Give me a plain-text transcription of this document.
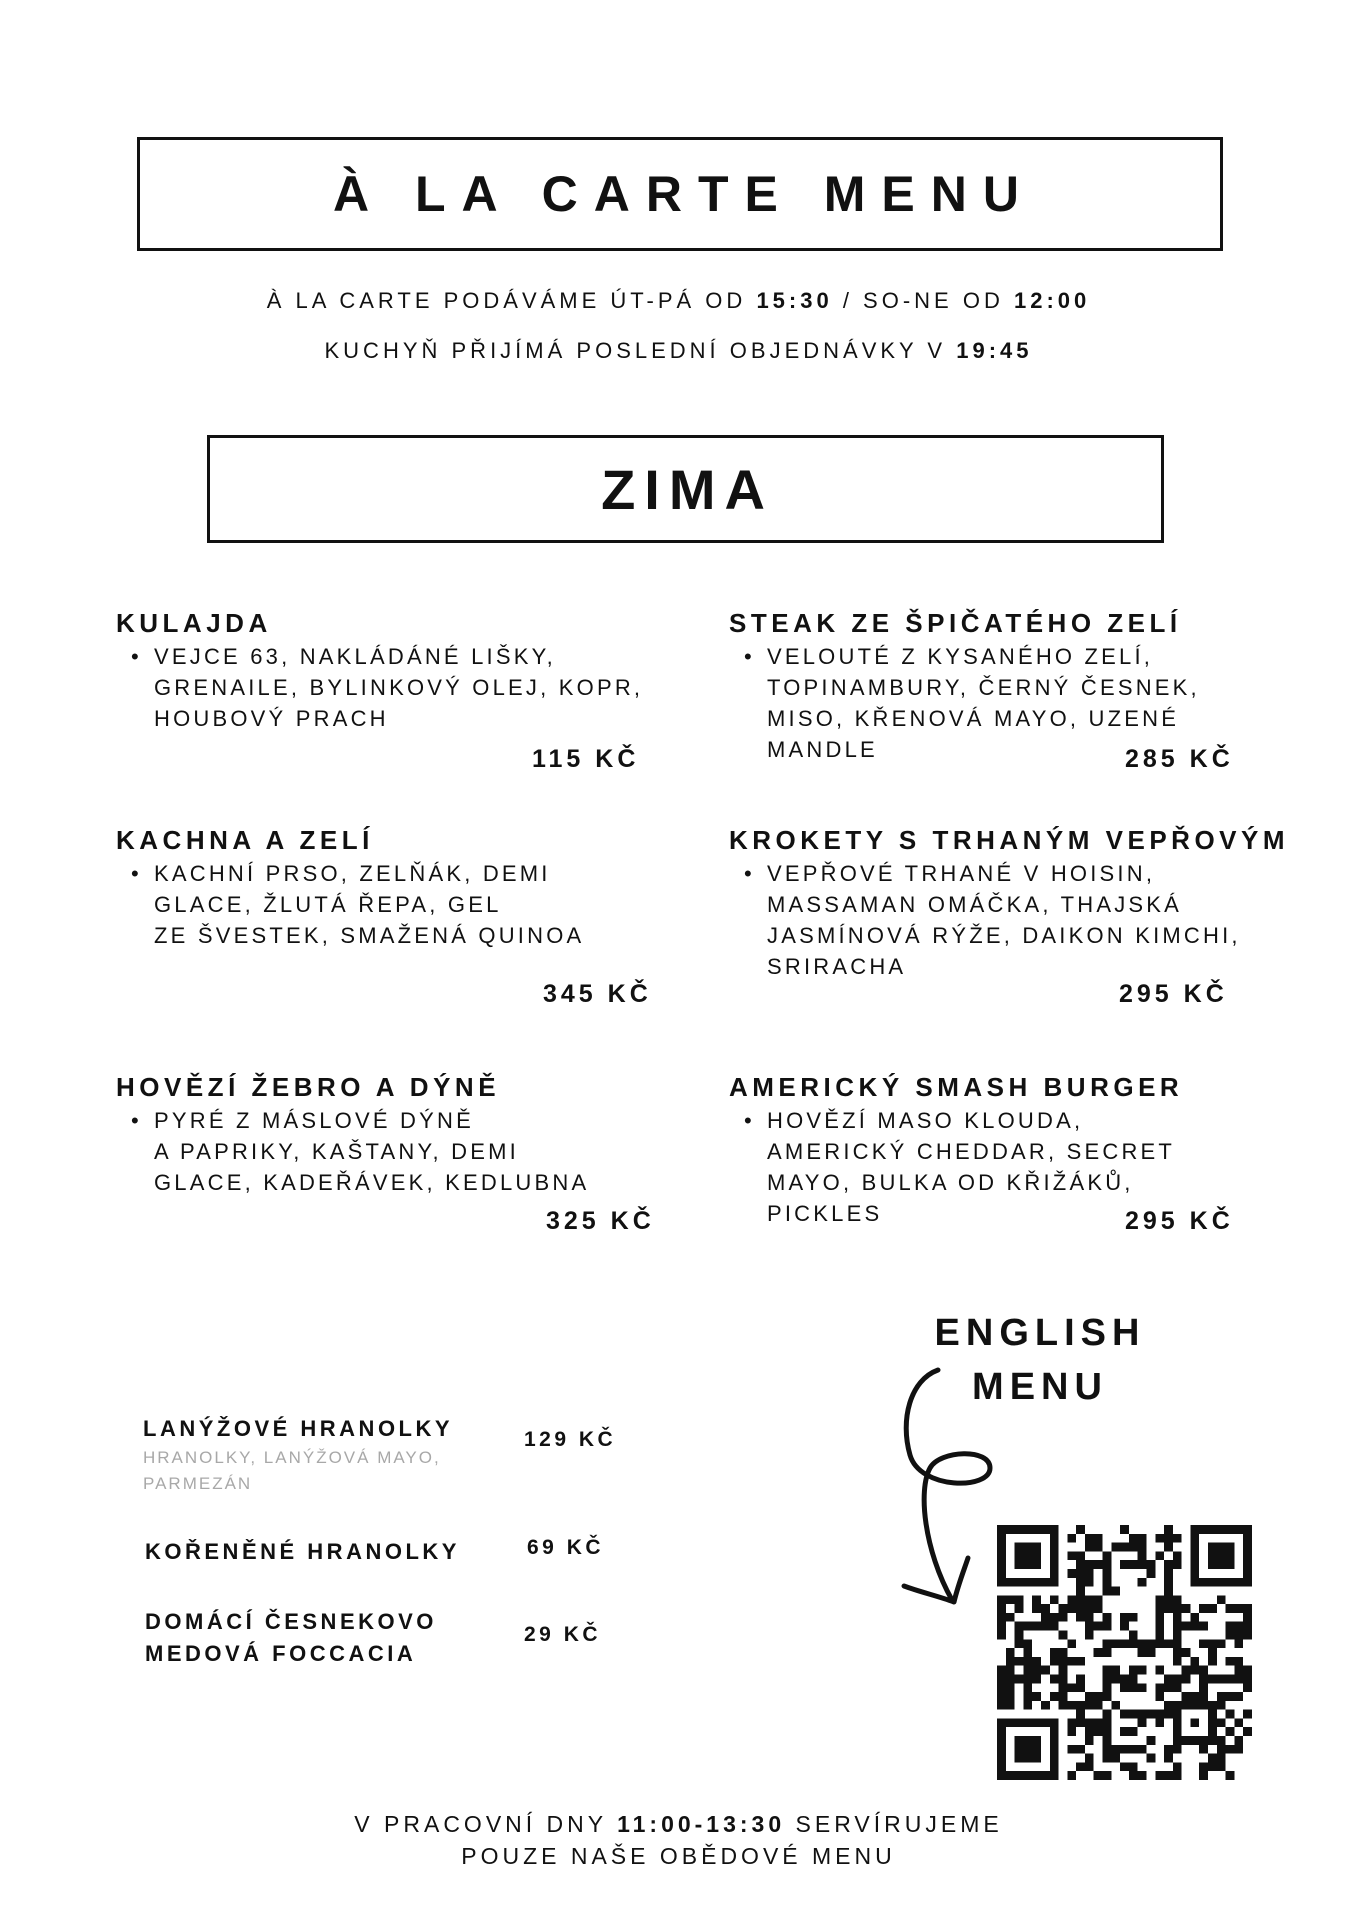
À LA CARTE MENU
À LA CARTE PODÁVÁME ÚT-PÁ OD 15:30 / SO-NE OD 12:00
KUCHYŇ PŘIJÍMÁ POSLEDNÍ OBJEDNÁVKY V 19:45
ZIMA
KULAJDA
• VEJCE 63, NAKLÁDÁNÉ LIŠKY,
GRENAILE, BYLINKOVÝ OLEJ, KOPR,
HOUBOVÝ PRACH
115 KČ
STEAK ZE ŠPIČATÉHO ZELÍ
• VELOUTÉ Z KYSANÉHO ZELÍ,
TOPINAMBURY, ČERNÝ ČESNEK,
MISO, KŘENOVÁ MAYO, UZENÉ
MANDLE	285 KČ
KACHNA A ZELÍ
• KACHNÍ PRSO, ZELŇÁK, DEMI
GLACE, ŽLUTÁ ŘEPA, GEL
ZE ŠVESTEK, SMAŽENÁ QUINOA
345 KČ
KROKETY S TRHANÝM VEPŘOVÝM
• VEPŘOVÉ TRHANÉ V HOISIN,
MASSAMAN OMÁČKA, THAJSKÁ
JASMÍNOVÁ RÝŽE, DAIKON KIMCHI,
SRIRACHA
295 KČ
HOVĚZÍ ŽEBRO A DÝNĚ
• PYRÉ Z MÁSLOVÉ DÝNĚ
A PAPRIKY, KAŠTANY, DEMI
GLACE, KADEŘÁVEK, KEDLUBNA
325 KČ
AMERICKÝ SMASH BURGER
• HOVĚZÍ MASO KLOUDA,
AMERICKÝ CHEDDAR, SECRET
MAYO, BULKA OD KŘIŽÁKŮ,
PICKLES	295 KČ
LANÝŽOVÉ HRANOLKY
HRANOLKY, LANÝŽOVÁ MAYO,
PARMEZÁN
129 KČ
KOŘENĚNÉ HRANOLKY	69 KČ
DOMÁCÍ ČESNEKOVO
MEDOVÁ FOCCACIA
29 KČ
ENGLISH
MENU
V PRACOVNÍ DNY 11:00-13:30 SERVÍRUJEME
POUZE NAŠE OBĚDOVÉ MENU
